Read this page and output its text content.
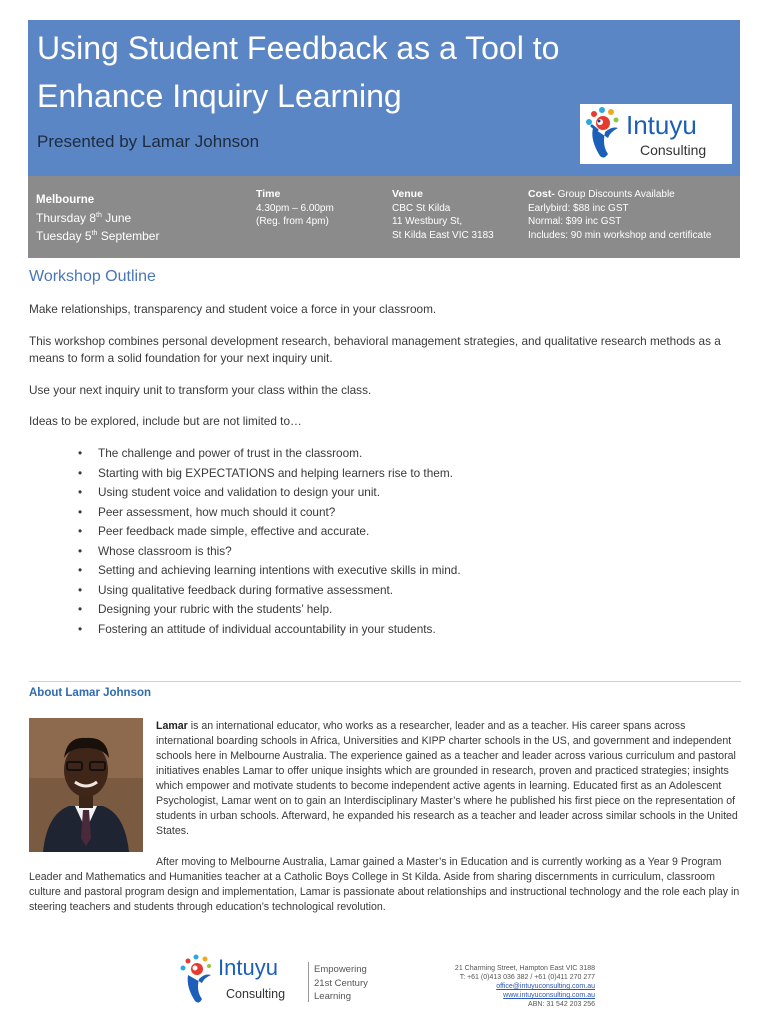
Using Student Feedback as a Tool to Enhance Inquiry Learning
Presented by Lamar Johnson
Intuyu
Consulting
Melbourne
Thursday 8th June
Tuesday 5th September
Time
4.30pm – 6.00pm
(Reg. from 4pm)
Venue
CBC St Kilda
11 Westbury St,
St Kilda East VIC 3183
Cost- Group Discounts Available
Earlybird: $88 inc GST
Normal: $99 inc GST
Includes: 90 min workshop and certificate
Workshop Outline
Make relationships, transparency and student voice a force in your classroom.
This workshop combines personal development research, behavioral management strategies, and qualitative research methods as a means to form a solid foundation for your next inquiry unit.
Use your next inquiry unit to transform your class within the class.
Ideas to be explored, include but are not limited to…
• The challenge and power of trust in the classroom.
• Starting with big EXPECTATIONS and helping learners rise to them.
• Using student voice and validation to design your unit.
• Peer assessment, how much should it count?
• Peer feedback made simple, effective and accurate.
• Whose classroom is this?
• Setting and achieving learning intentions with executive skills in mind.
• Using qualitative feedback during formative assessment.
• Designing your rubric with the students’ help.
• Fostering an attitude of individual accountability in your students.
About Lamar Johnson
Lamar is an international educator, who works as a researcher, leader and as a teacher. His career spans across international boarding schools in Africa, Universities and KIPP charter schools in the US, and government and independent schools here in Melbourne Australia. The experience gained as a teacher and leader across various curriculum and pastoral initiatives enables Lamar to offer unique insights which are grounded in research, proven and practiced strategies; insights which empower and motivate students to become independent active agents in learning. Educated first as an Adolescent Psychologist, Lamar went on to gain an Interdisciplinary Master’s where he published his first piece on the representation of students in urban schools. Afterward, he expanded his research as a teacher and leader across similar schools in the United States.
After moving to Melbourne Australia, Lamar gained a Master’s in Education and is currently working as a Year 9 Program Leader and Mathematics and Humanities teacher at a Catholic Boys College in St Kilda. Aside from sharing discernments in curriculum, classroom culture and pastoral program design and implementation, Lamar is passionate about relationships and instructional technology and the role each play in steering teachers and students through education’s technological revolution.
Intuyu
Consulting
Empowering
21st Century
Learning
21 Charming Street, Hampton East VIC 3188
T: +61 (0)413 036 382 / +61 (0)411 270 277
office@intuyuconsulting.com.au
www.intuyuconsulting.com.au
ABN: 31 542 203 256
